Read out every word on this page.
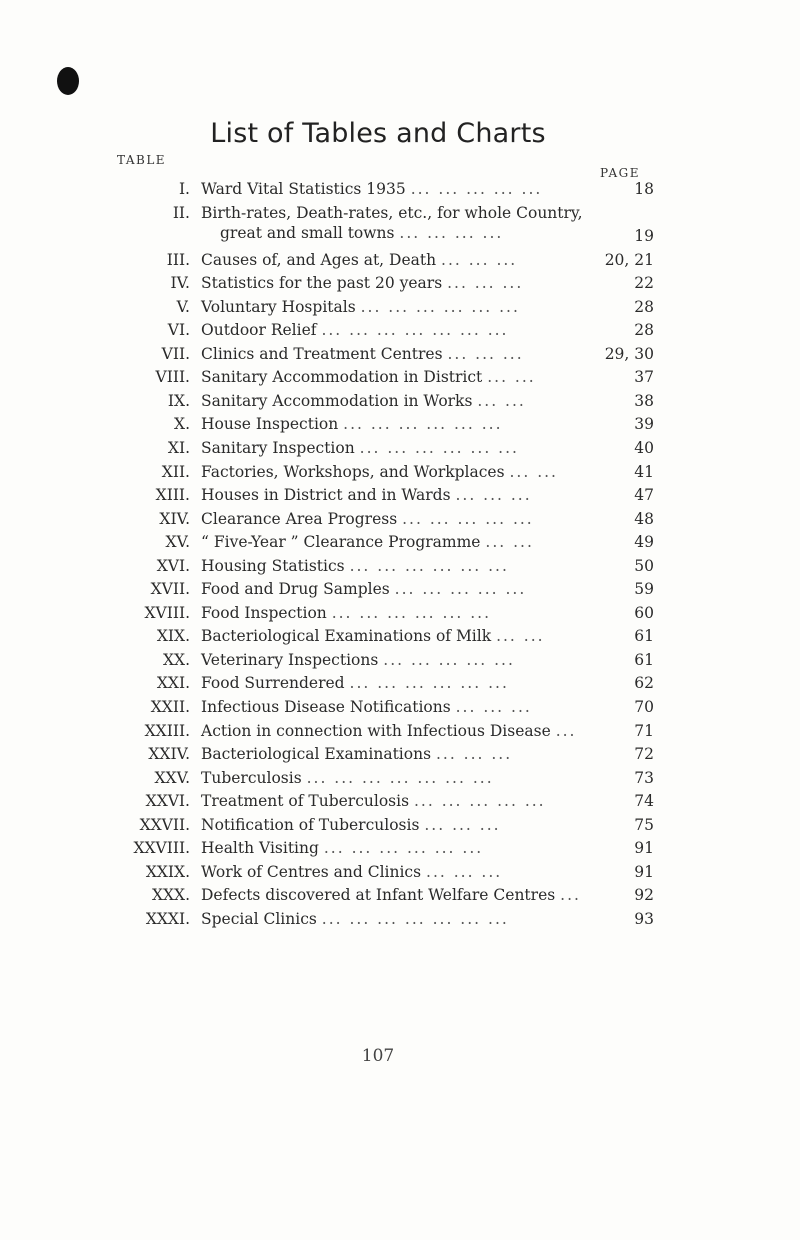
List of Tables and Charts
TABLE
PAGE
I. Ward Vital Statistics 1935 ... ... ... ... ...	18
II. Birth-rates, Death-rates, etc., for whole Country,
great and small towns ... ... ... ...	19
III. Causes of, and Ages at, Death ... ... ...	20, 21
IV. Statistics for the past 20 years ... ... ...	22
V. Voluntary Hospitals ... ... ... ... ... ...	28
VI. Outdoor Relief ... ... ... ... ... ... ...	28
VII. Clinics and Treatment Centres ... ... ...	29, 30
VIII. Sanitary Accommodation in District ... ...	37
IX. Sanitary Accommodation in Works ... ...	38
X. House Inspection ... ... ... ... ... ...	39
XI. Sanitary Inspection ... ... ... ... ... ...	40
XII. Factories, Workshops, and Workplaces ... ...	41
XIII. Houses in District and in Wards ... ... ...	47
XIV. Clearance Area Progress ... ... ... ... ...	48
XV. “ Five-Year ” Clearance Programme ... ...	49
XVI. Housing Statistics ... ... ... ... ... ...	50
XVII. Food and Drug Samples ... ... ... ... ...	59
XVIII. Food Inspection ... ... ... ... ... ...	60
XIX. Bacteriological Examinations of Milk ... ...	61
XX. Veterinary Inspections ... ... ... ... ...	61
XXI. Food Surrendered ... ... ... ... ... ...	62
XXII. Infectious Disease Notifications ... ... ...	70
XXIII. Action in connection with Infectious Disease ...	71
XXIV. Bacteriological Examinations ... ... ...	72
XXV. Tuberculosis ... ... ... ... ... ... ...	73
XXVI. Treatment of Tuberculosis ... ... ... ... ...	74
XXVII. Notification of Tuberculosis ... ... ...	75
XXVIII. Health Visiting ... ... ... ... ... ...	91
XXIX. Work of Centres and Clinics ... ... ...	91
XXX. Defects discovered at Infant Welfare Centres ...	92
XXXI. Special Clinics ... ... ... ... ... ... ...	93
107
